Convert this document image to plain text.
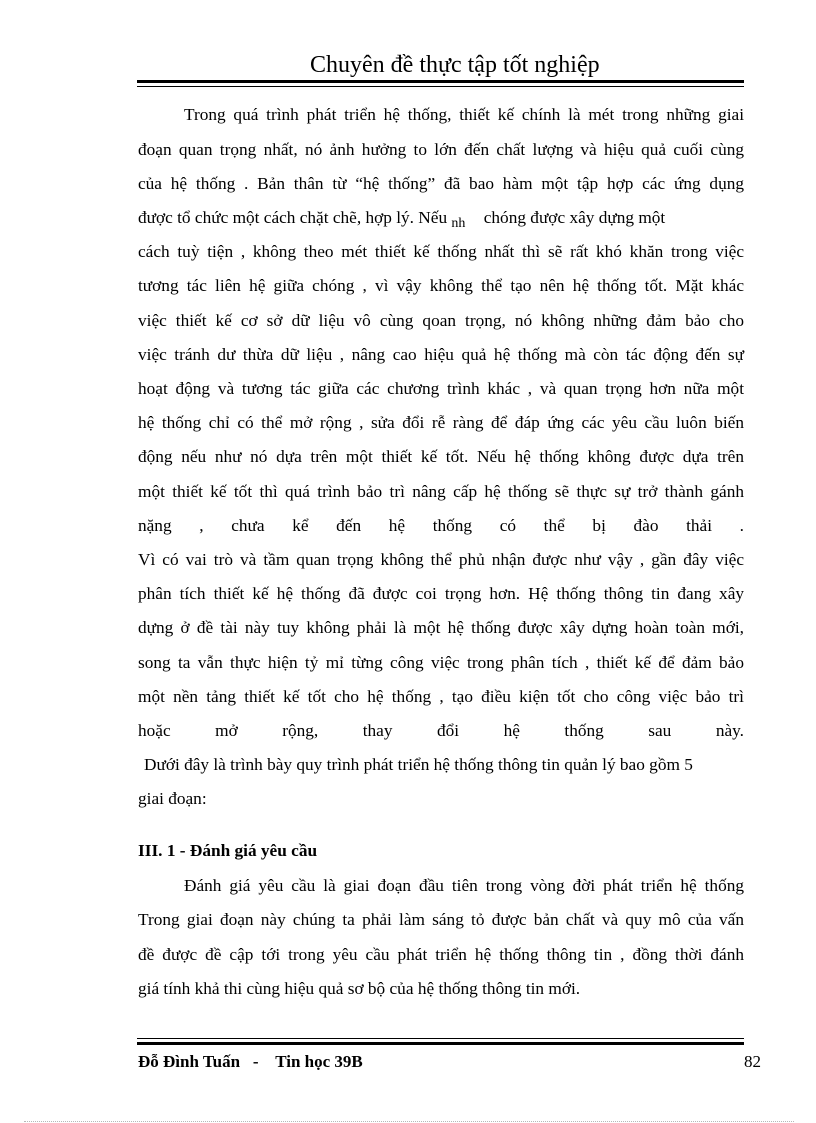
Chuyên đề thực tập tốt nghiệp
Trong quá trình phát triển hệ thống, thiết kế chính là mét trong những giai
đoạn quan trọng nhất, nó ảnh hưởng to lớn đến chất lượng và hiệu quả cuối cùng
của hệ thống . Bản thân từ “hệ thống” đã bao hàm một tập hợp các ứng dụng
được tổ chức một cách chặt chẽ, hợp lý. Nếu $_{nh}$ chóng được xây dựng một
cách tuỳ tiện , không theo mét thiết kế thống nhất thì sẽ rất khó khăn trong việc
tương tác liên hệ giữa chóng , vì vậy không thể tạo nên hệ thống tốt. Mặt khác
việc thiết kế cơ sở dữ liệu vô cùng qoan trọng, nó không những đảm bảo cho
việc tránh dư thừa dữ liệu , nâng cao hiệu quả hệ thống mà còn tác động đến sự
hoạt động và tương tác giữa các chương trình khác , và quan trọng hơn nữa một
hệ thống chỉ có thể mở rộng , sửa đổi rễ ràng để đáp ứng các yêu cầu luôn biến
động nếu như nó dựa trên một thiết kế tốt. Nếu hệ thống không được dựa trên
một thiết kế tốt thì quá trình bảo trì nâng cấp hệ thống sẽ thực sự trở thành gánh
nặng , chưa kể đến hệ thống có thể bị đào thải .
Vì có vai trò và tầm quan trọng không thể phủ nhận được như vậy , gần đây việc
phân tích thiết kế hệ thống đã được coi trọng hơn. Hệ thống thông tin đang xây
dựng ở đề tài này tuy không phải là một hệ thống được xây dựng hoàn toàn mới,
song ta vẫn thực hiện tỷ mỉ từng công việc trong phân tích , thiết kế để đảm bảo
một nền tảng thiết kế tốt cho hệ thống , tạo điều kiện tốt cho công việc bảo trì
hoặc mở rộng, thay đổi hệ thống sau này.
Dưới đây là trình bày quy trình phát triển hệ thống thông tin quản lý bao gồm 5
giai đoạn:
III. 1 - Đánh giá yêu cầu
Đánh giá yêu cầu là giai đoạn đầu tiên trong vòng đời phát triển hệ thống
Trong giai đoạn này chúng ta phải làm sáng tỏ được bản chất và quy mô của vấn
đề được đề cập tới trong yêu cầu phát triển hệ thống thông tin , đồng thời đánh
giá tính khả thi cùng hiệu quả sơ bộ của hệ thống thông tin mới.
Đỗ Đình Tuấn - Tin học 39B	82
